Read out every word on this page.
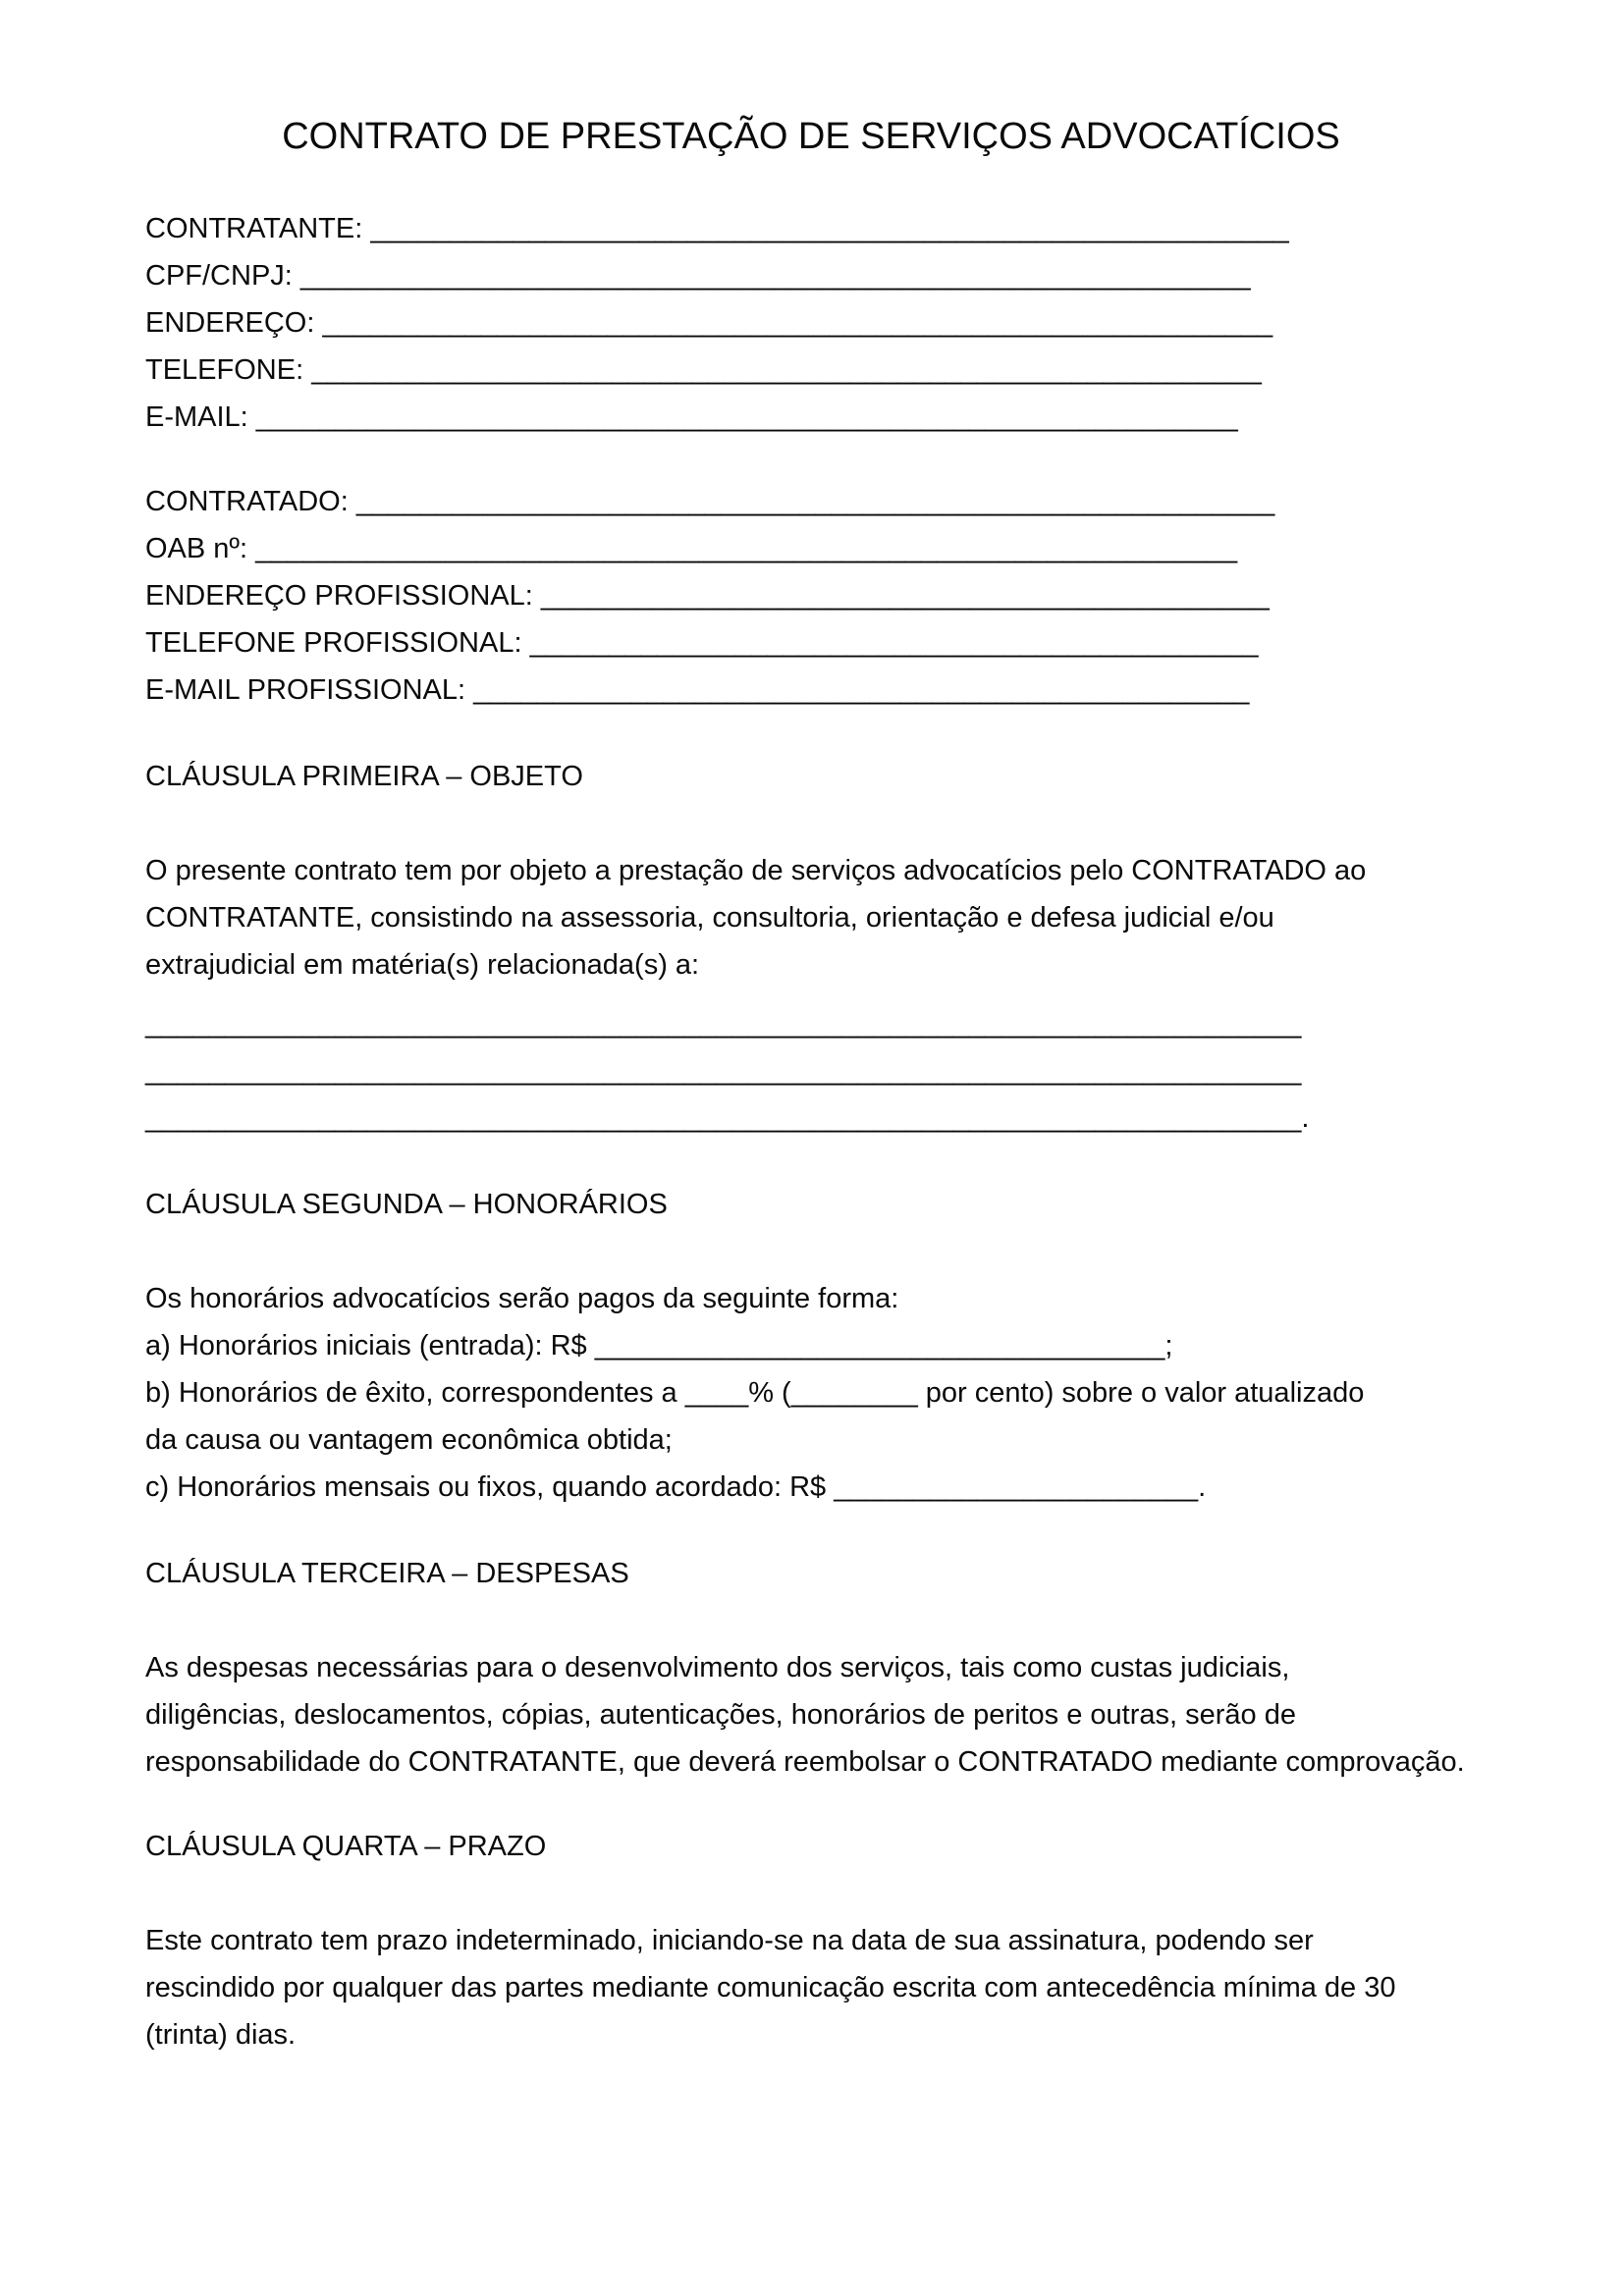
CONTRATO DE PRESTAÇÃO DE SERVIÇOS ADVOCATÍCIOS
CONTRATANTE: __________________________________________________________
CPF/CNPJ: ____________________________________________________________
ENDEREÇO: ____________________________________________________________
TELEFONE: ____________________________________________________________
E-MAIL: ______________________________________________________________
CONTRATADO: __________________________________________________________
OAB nº: ______________________________________________________________
ENDEREÇO PROFISSIONAL: ______________________________________________
TELEFONE PROFISSIONAL: ______________________________________________
E-MAIL PROFISSIONAL: _________________________________________________
CLÁUSULA PRIMEIRA – OBJETO
O presente contrato tem por objeto a prestação de serviços advocatícios pelo CONTRATADO ao
CONTRATANTE, consistindo na assessoria, consultoria, orientação e defesa judicial e/ou
extrajudicial em matéria(s) relacionada(s) a:
_________________________________________________________________________
_________________________________________________________________________
_________________________________________________________________________.
CLÁUSULA SEGUNDA – HONORÁRIOS
Os honorários advocatícios serão pagos da seguinte forma:
a) Honorários iniciais (entrada): R$ ____________________________________;
b) Honorários de êxito, correspondentes a ____% (________ por cento) sobre o valor atualizado
da causa ou vantagem econômica obtida;
c) Honorários mensais ou fixos, quando acordado: R$ _______________________.
CLÁUSULA TERCEIRA – DESPESAS
As despesas necessárias para o desenvolvimento dos serviços, tais como custas judiciais,
diligências, deslocamentos, cópias, autenticações, honorários de peritos e outras, serão de
responsabilidade do CONTRATANTE, que deverá reembolsar o CONTRATADO mediante comprovação.
CLÁUSULA QUARTA – PRAZO
Este contrato tem prazo indeterminado, iniciando-se na data de sua assinatura, podendo ser
rescindido por qualquer das partes mediante comunicação escrita com antecedência mínima de 30
(trinta) dias.
